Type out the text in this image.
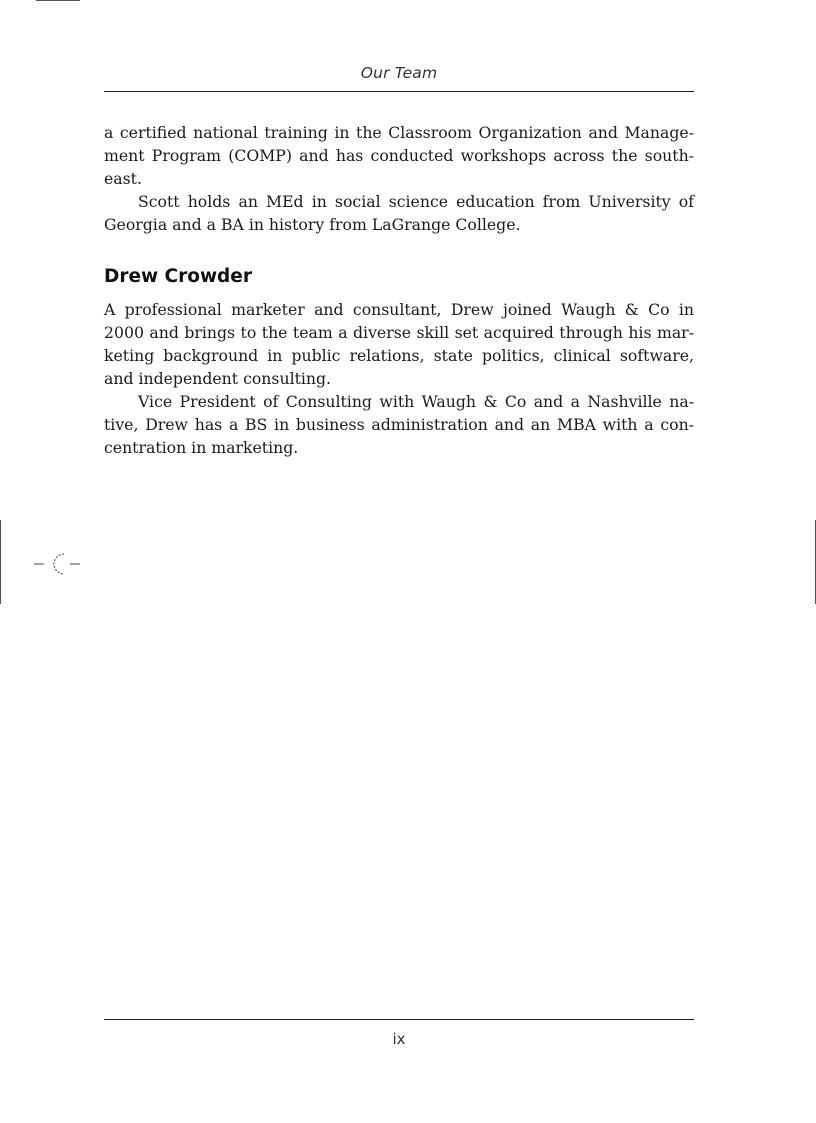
Our Team

a certified national training in the Classroom Organization and Management Program (COMP) and has conducted workshops across the southeast.

Scott holds an MEd in social science education from University of Georgia and a BA in history from LaGrange College.

Drew Crowder

A professional marketer and consultant, Drew joined Waugh & Co in 2000 and brings to the team a diverse skill set acquired through his marketing background in public relations, state politics, clinical software, and independent consulting.

Vice President of Consulting with Waugh & Co and a Nashville native, Drew has a BS in business administration and an MBA with a concentration in marketing.

ix
